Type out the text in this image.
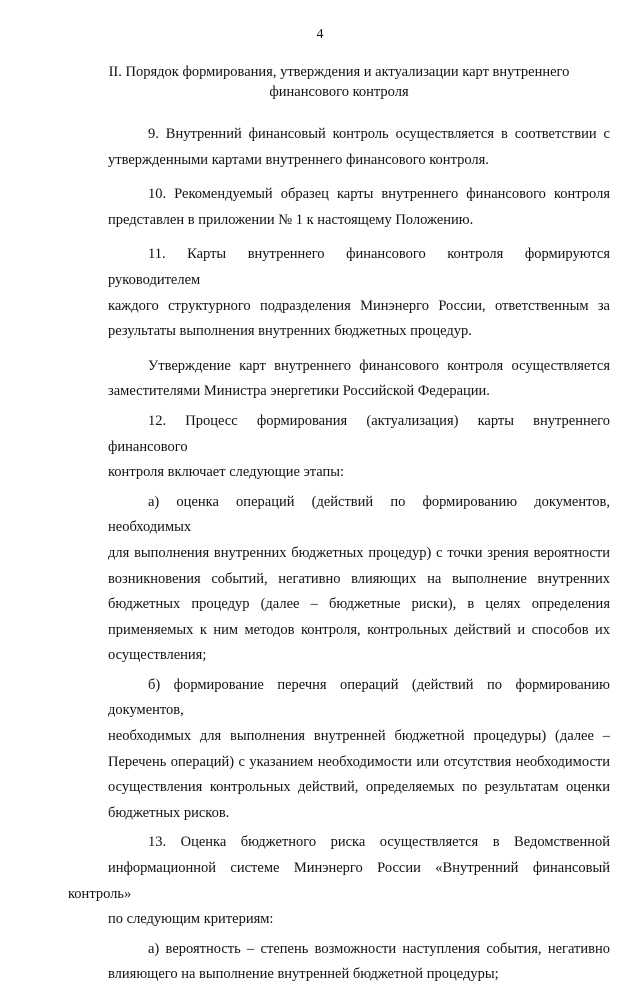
4
II. Порядок формирования, утверждения и актуализации карт внутреннего
финансового контроля
9. Внутренний финансовый контроль осуществляется в соответствии с
утвержденными картами внутреннего финансового контроля.
10. Рекомендуемый образец карты внутреннего финансового контроля
представлен в приложении № 1 к настоящему Положению.
11. Карты внутреннего финансового контроля формируются руководителем
каждого структурного подразделения Минэнерго России, ответственным за
результаты выполнения внутренних бюджетных процедур.
Утверждение карт внутреннего финансового контроля осуществляется
заместителями Министра энергетики Российской Федерации.
12. Процесс формирования (актуализация) карты внутреннего финансового
контроля включает следующие этапы:
а) оценка операций (действий по формированию документов, необходимых
для выполнения внутренних бюджетных процедур) с точки зрения вероятности
возникновения событий, негативно влияющих на выполнение внутренних
бюджетных процедур (далее – бюджетные риски), в целях определения
применяемых к ним методов контроля, контрольных действий и способов их
осуществления;
б) формирование перечня операций (действий по формированию документов,
необходимых для выполнения внутренней бюджетной процедуры) (далее –
Перечень операций) с указанием необходимости или отсутствия необходимости
осуществления контрольных действий, определяемых по результатам оценки
бюджетных рисков.
13. Оценка бюджетного риска осуществляется в Ведомственной
информационной системе Минэнерго России «Внутренний финансовый контроль»
по следующим критериям:
а) вероятность – степень возможности наступления события, негативно
влияющего на выполнение внутренней бюджетной процедуры;
